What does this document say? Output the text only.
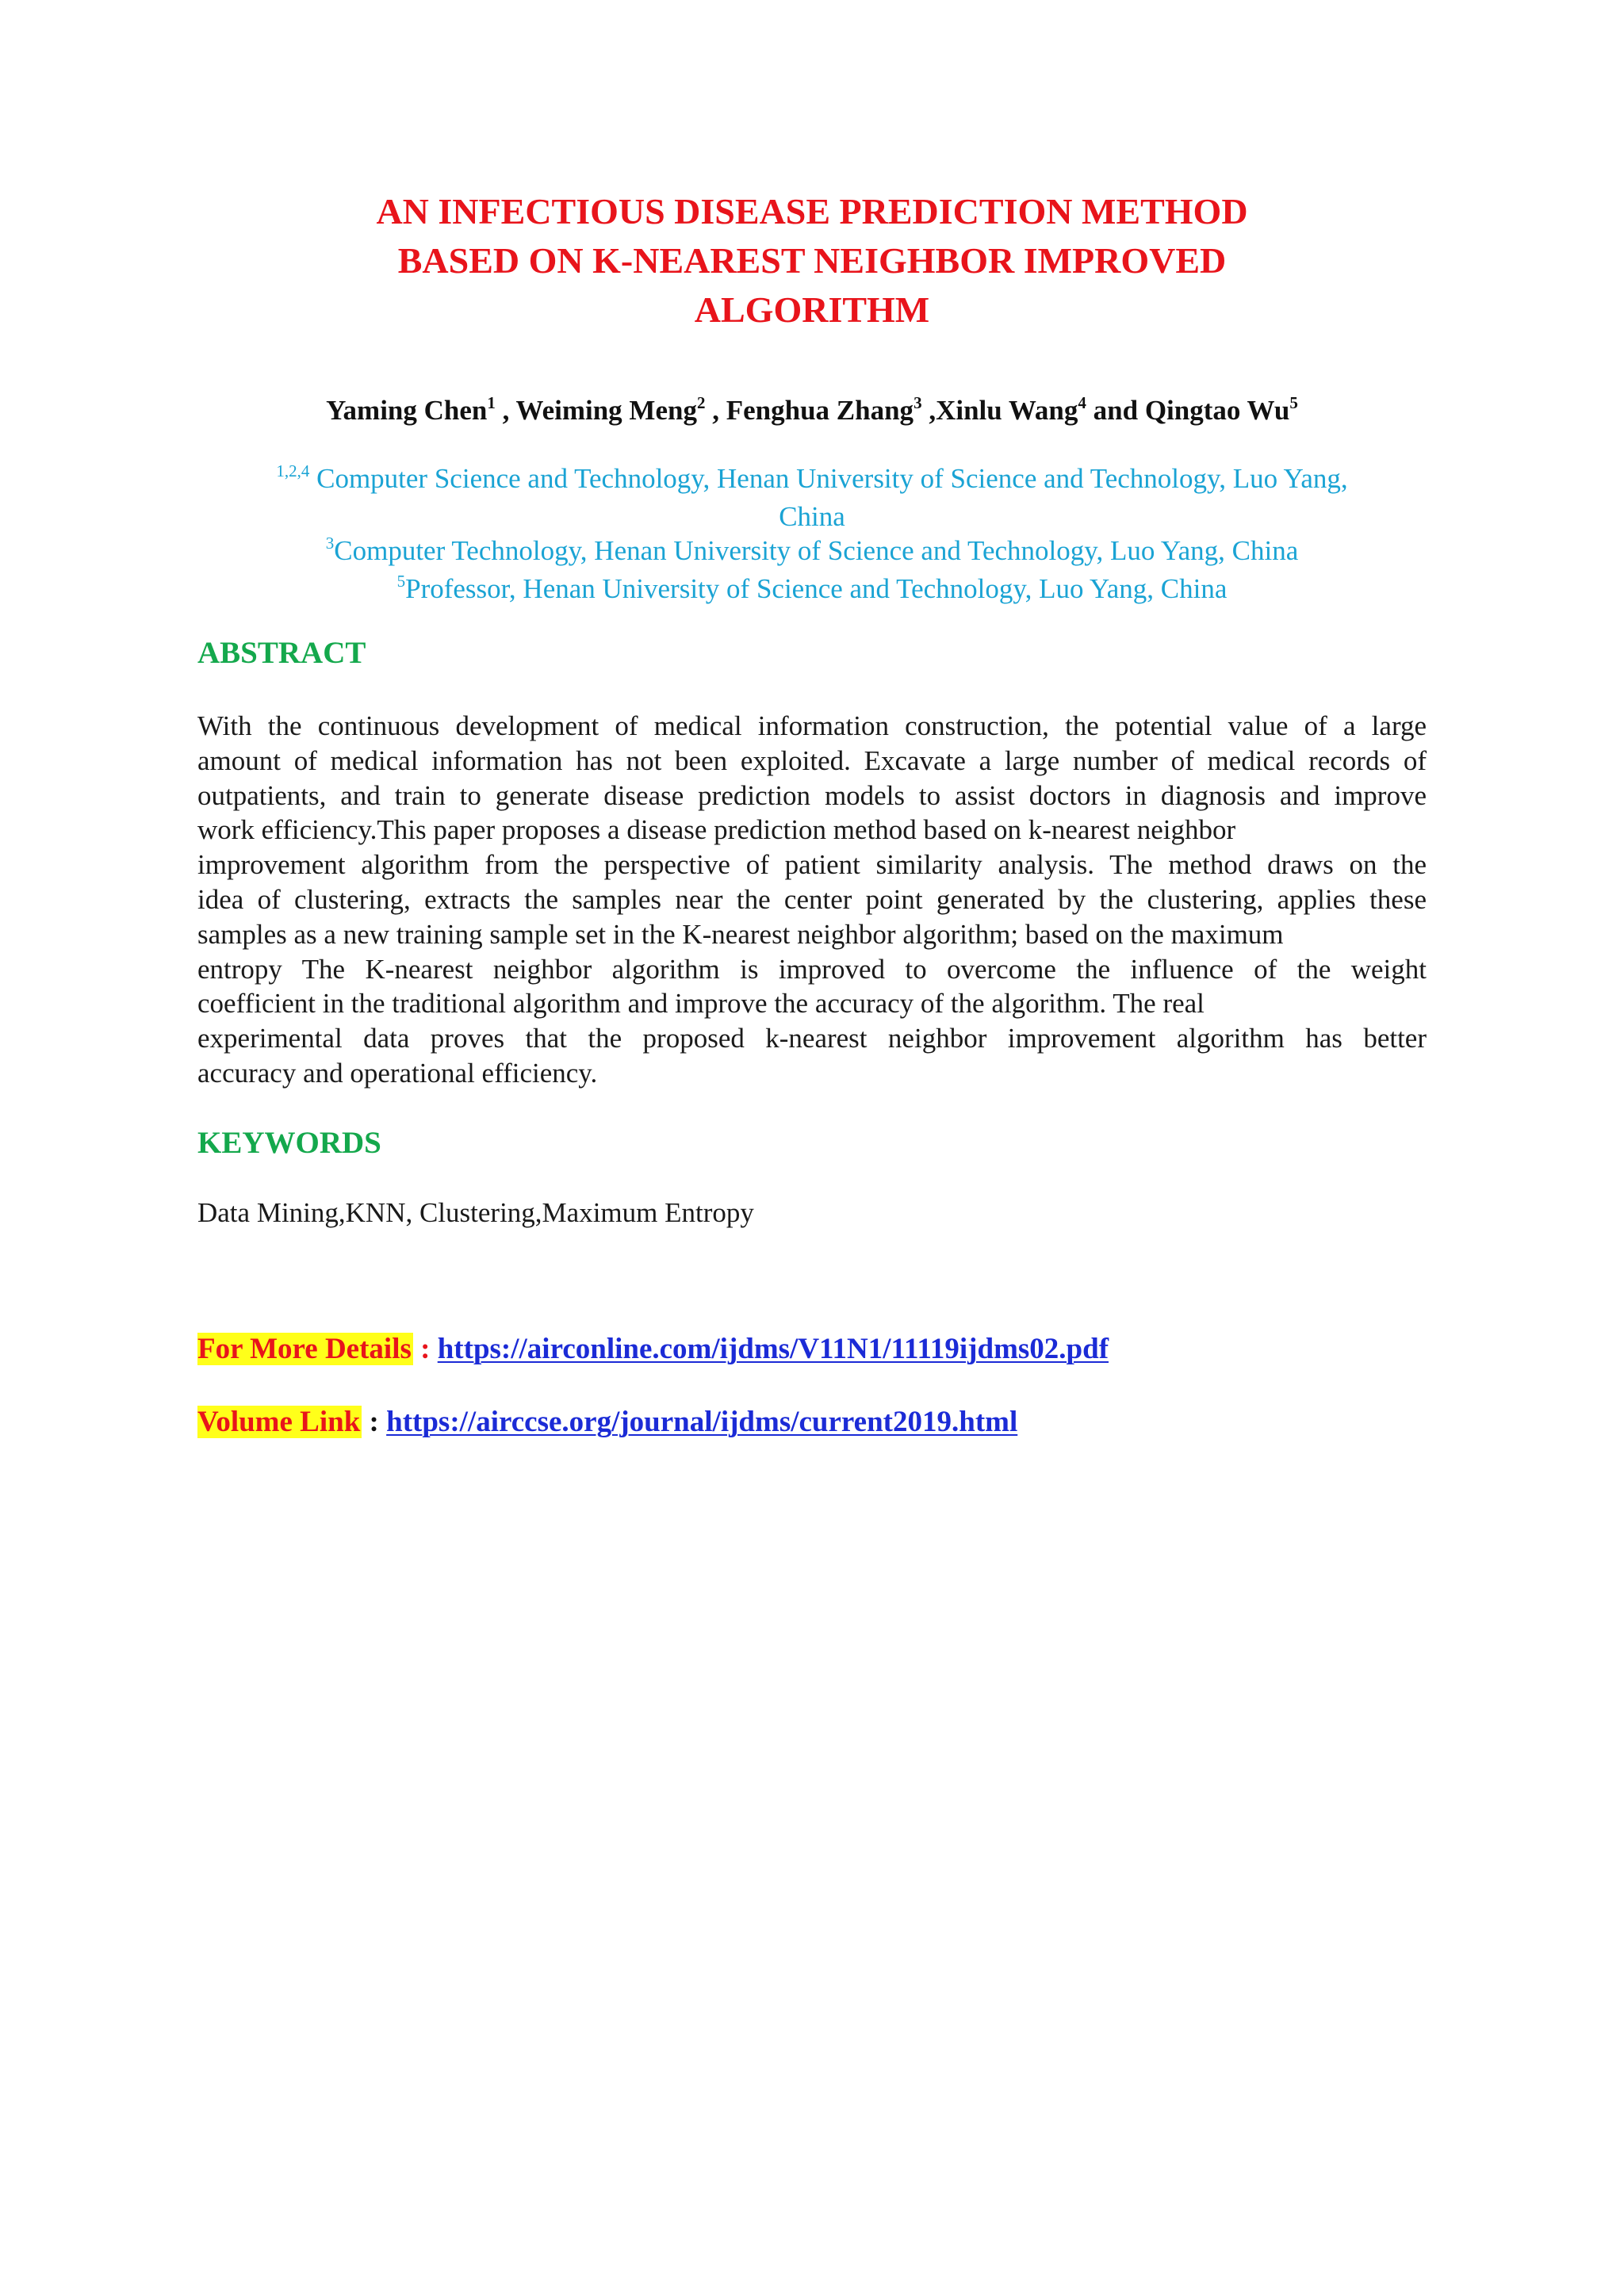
AN INFECTIOUS DISEASE PREDICTION METHOD
BASED ON K-NEAREST NEIGHBOR IMPROVED
ALGORITHM
Yaming Chen$^1$ , Weiming Meng$^2$ , Fenghua Zhang$^3$ ,Xinlu Wang$^4$ and Qingtao Wu$^5$
$^{1,2,4}$ Computer Science and Technology, Henan University of Science and Technology, Luo Yang,
China
$^3$Computer Technology, Henan University of Science and Technology, Luo Yang, China
$^5$Professor, Henan University of Science and Technology, Luo Yang, China
ABSTRACT
With the continuous development of medical information construction, the potential value of a large
amount of medical information has not been exploited. Excavate a large number of medical records of
outpatients, and train to generate disease prediction models to assist doctors in diagnosis and improve
work efficiency.This paper proposes a disease prediction method based on k-nearest neighbor
improvement algorithm from the perspective of patient similarity analysis. The method draws on the
idea of clustering, extracts the samples near the center point generated by the clustering, applies these
samples as a new training sample set in the K-nearest neighbor algorithm; based on the maximum
entropy The K-nearest neighbor algorithm is improved to overcome the influence of the weight
coefficient in the traditional algorithm and improve the accuracy of the algorithm. The real
experimental data proves that the proposed k-nearest neighbor improvement algorithm has better
accuracy and operational efficiency.
KEYWORDS

Data Mining,KNN, Clustering,Maximum Entropy

For More Details : https://airconline.com/ijdms/V11N1/11119ijdms02.pdf
Volume Link : https://airccse.org/journal/ijdms/current2019.html
